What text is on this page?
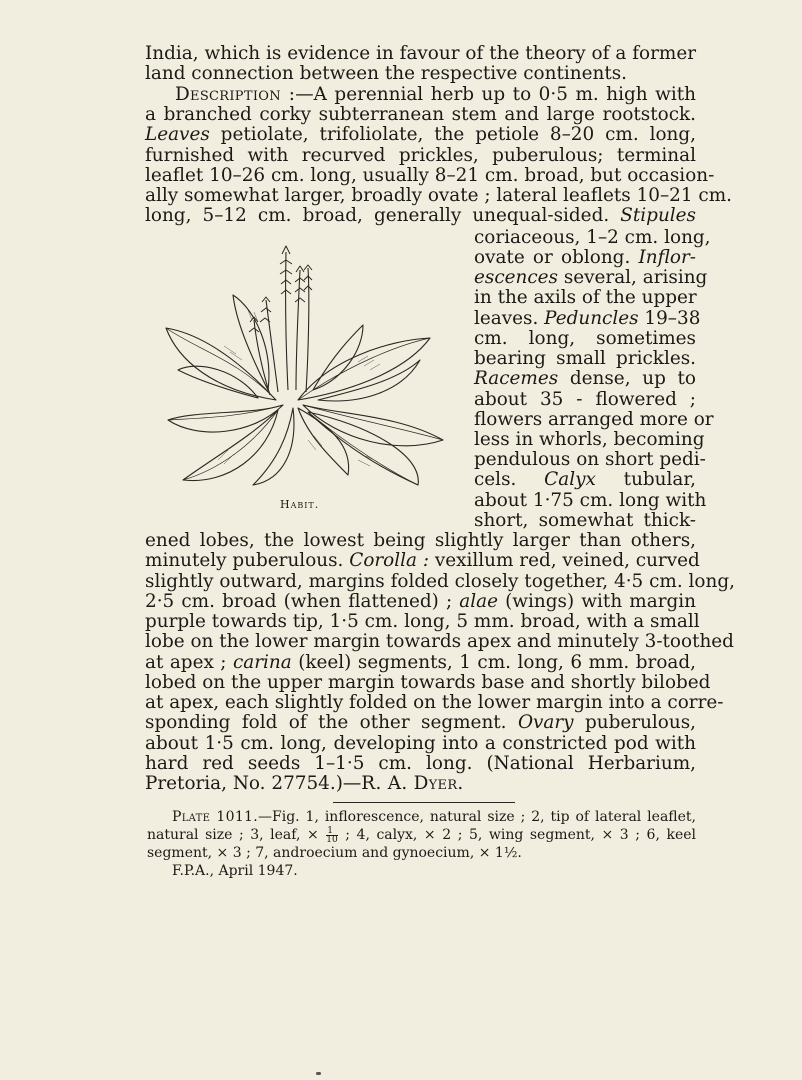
India, which is evidence in favour of the theory of a former
land connection between the respective continents.
Description :—A perennial herb up to 0·5 m. high with
a branched corky subterranean stem and large rootstock.
Leaves petiolate, trifoliolate, the petiole 8–20 cm. long,
furnished with recurved prickles, puberulous; terminal
leaflet 10–26 cm. long, usually 8–21 cm. broad, but occasion-
ally somewhat larger, broadly ovate ; lateral leaflets 10–21 cm.
long, 5–12 cm. broad, generally unequal-sided. Stipules
coriaceous, 1–2 cm. long,
ovate or oblong. Inflor-
escences several, arising
in the axils of the upper
leaves. Peduncles 19–38
cm. long, sometimes
bearing small prickles.
Racemes dense, up to
about 35 - flowered ;
flowers arranged more or
less in whorls, becoming
pendulous on short pedi-
cels. Calyx tubular,
about 1·75 cm. long with
short, somewhat thick-
ened lobes, the lowest being slightly larger than others,
minutely puberulous. Corolla : vexillum red, veined, curved
slightly outward, margins folded closely together, 4·5 cm. long,
2·5 cm. broad (when flattened) ; alae (wings) with margin
purple towards tip, 1·5 cm. long, 5 mm. broad, with a small
lobe on the lower margin towards apex and minutely 3-toothed
at apex ; carina (keel) segments, 1 cm. long, 6 mm. broad,
lobed on the upper margin towards base and shortly bilobed
at apex, each slightly folded on the lower margin into a corre-
sponding fold of the other segment. Ovary puberulous,
about 1·5 cm. long, developing into a constricted pod with
hard red seeds 1–1·5 cm. long. (National Herbarium,
Pretoria, No. 27754.)—R. A. Dyer.
Habit.
Plate 1011.—Fig. 1, inflorescence, natural size ; 2, tip of lateral leaflet,
natural size ; 3, leaf, × $\frac{1}{10}$ ; 4, calyx, × 2 ; 5, wing segment, × 3 ; 6, keel
segment, × 3 ; 7, androecium and gynoecium, × 1½.
F.P.A., April 1947.
